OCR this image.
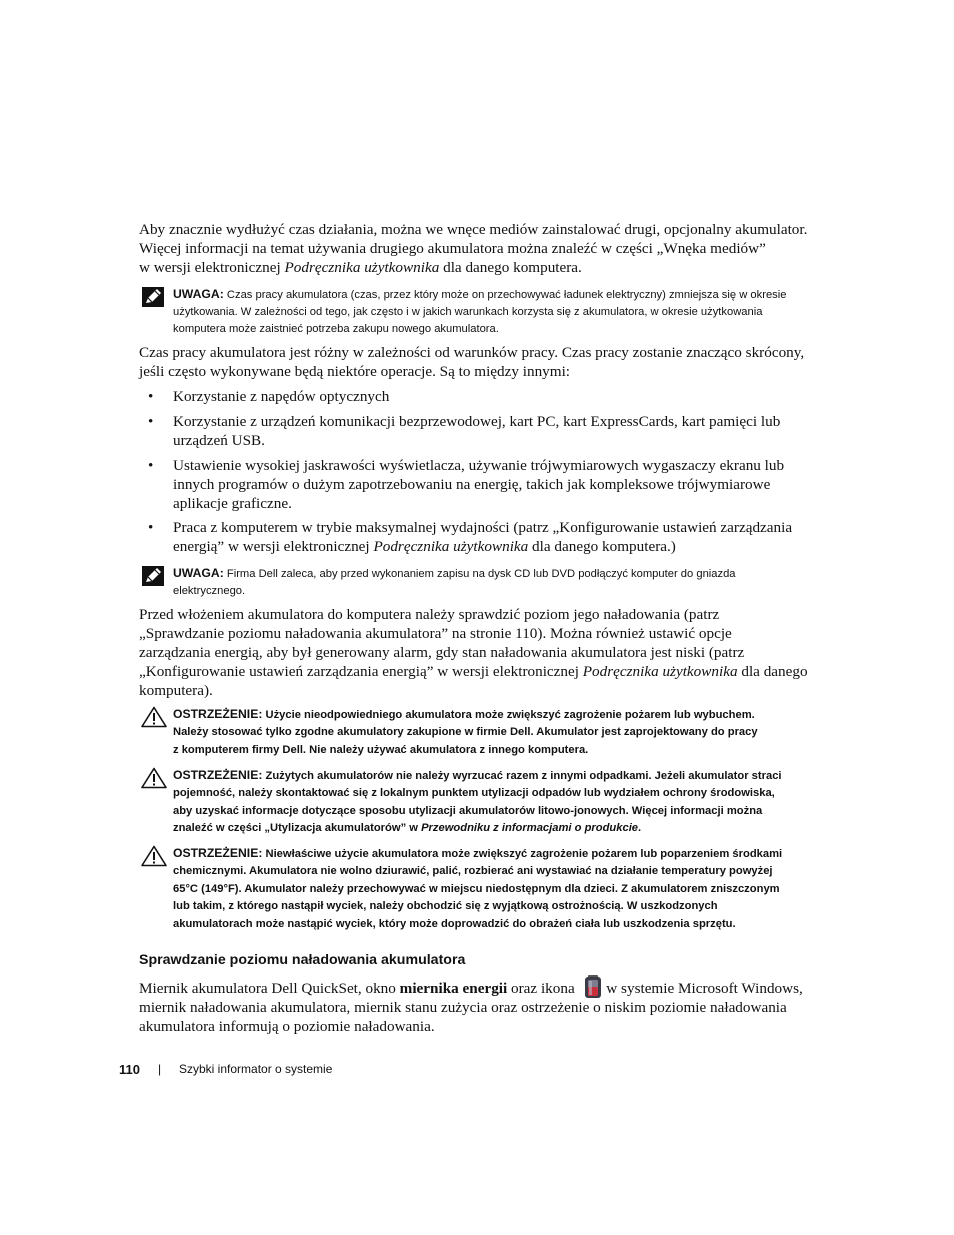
Aby znacznie wydłużyć czas działania, można we wnęce mediów zainstalować drugi, opcjonalny akumulator.

Więcej informacji na temat używania drugiego akumulatora można znaleźć w części „Wnęka mediów”

w wersji elektronicznej Podręcznika użytkownika dla danego komputera.

UWAGA: Czas pracy akumulatora (czas, przez który może on przechowywać ładunek elektryczny) zmniejsza się w okresie

użytkowania. W zależności od tego, jak często i w jakich warunkach korzysta się z akumulatora, w okresie użytkowania

komputera może zaistnieć potrzeba zakupu nowego akumulatora.

Czas pracy akumulatora jest różny w zależności od warunków pracy. Czas pracy zostanie znacząco skrócony,

jeśli często wykonywane będą niektóre operacje. Są to między innymi:

•	Korzystanie z napędów optycznych

•	Korzystanie z urządzeń komunikacji bezprzewodowej, kart PC, kart ExpressCards, kart pamięci lub

urządzeń USB.

•	Ustawienie wysokiej jaskrawości wyświetlacza, używanie trójwymiarowych wygaszaczy ekranu lub

innych programów o dużym zapotrzebowaniu na energię, takich jak kompleksowe trójwymiarowe

aplikacje graficzne.

•	Praca z komputerem w trybie maksymalnej wydajności (patrz „Konfigurowanie ustawień zarządzania

energią” w wersji elektronicznej Podręcznika użytkownika dla danego komputera.)

UWAGA: Firma Dell zaleca, aby przed wykonaniem zapisu na dysk CD lub DVD podłączyć komputer do gniazda

elektrycznego.

Przed włożeniem akumulatora do komputera należy sprawdzić poziom jego naładowania (patrz

„Sprawdzanie poziomu naładowania akumulatora” na stronie 110). Można również ustawić opcje

zarządzania energią, aby był generowany alarm, gdy stan naładowania akumulatora jest niski (patrz

„Konfigurowanie ustawień zarządzania energią” w wersji elektronicznej Podręcznika użytkownika dla danego

komputera).

OSTRZEŻENIE: Użycie nieodpowiedniego akumulatora może zwiększyć zagrożenie pożarem lub wybuchem.

Należy stosować tylko zgodne akumulatory zakupione w firmie Dell. Akumulator jest zaprojektowany do pracy

z komputerem firmy Dell. Nie należy używać akumulatora z innego komputera.

OSTRZEŻENIE: Zużytych akumulatorów nie należy wyrzucać razem z innymi odpadkami. Jeżeli akumulator straci

pojemność, należy skontaktować się z lokalnym punktem utylizacji odpadów lub wydziałem ochrony środowiska,

aby uzyskać informacje dotyczące sposobu utylizacji akumulatorów litowo-jonowych. Więcej informacji można

znaleźć w części „Utylizacja akumulatorów” w Przewodniku z informacjami o produkcie.

OSTRZEŻENIE: Niewłaściwe użycie akumulatora może zwiększyć zagrożenie pożarem lub poparzeniem środkami

chemicznymi. Akumulatora nie wolno dziurawić, palić, rozbierać ani wystawiać na działanie temperatury powyżej

65°C (149°F). Akumulator należy przechowywać w miejscu niedostępnym dla dzieci. Z akumulatorem zniszczonym

lub takim, z którego nastąpił wyciek, należy obchodzić się z wyjątkową ostrożnością. W uszkodzonych

akumulatorach może nastąpić wyciek, który może doprowadzić do obrażeń ciała lub uszkodzenia sprzętu.

Sprawdzanie poziomu naładowania akumulatora

Miernik akumulatora Dell QuickSet, okno miernika energii oraz ikona
w systemie Microsoft Windows,

miernik naładowania akumulatora, miernik stanu zużycia oraz ostrzeżenie o niskim poziomie naładowania

akumulatora informują o poziomie naładowania.

110 | Szybki informator o systemie
